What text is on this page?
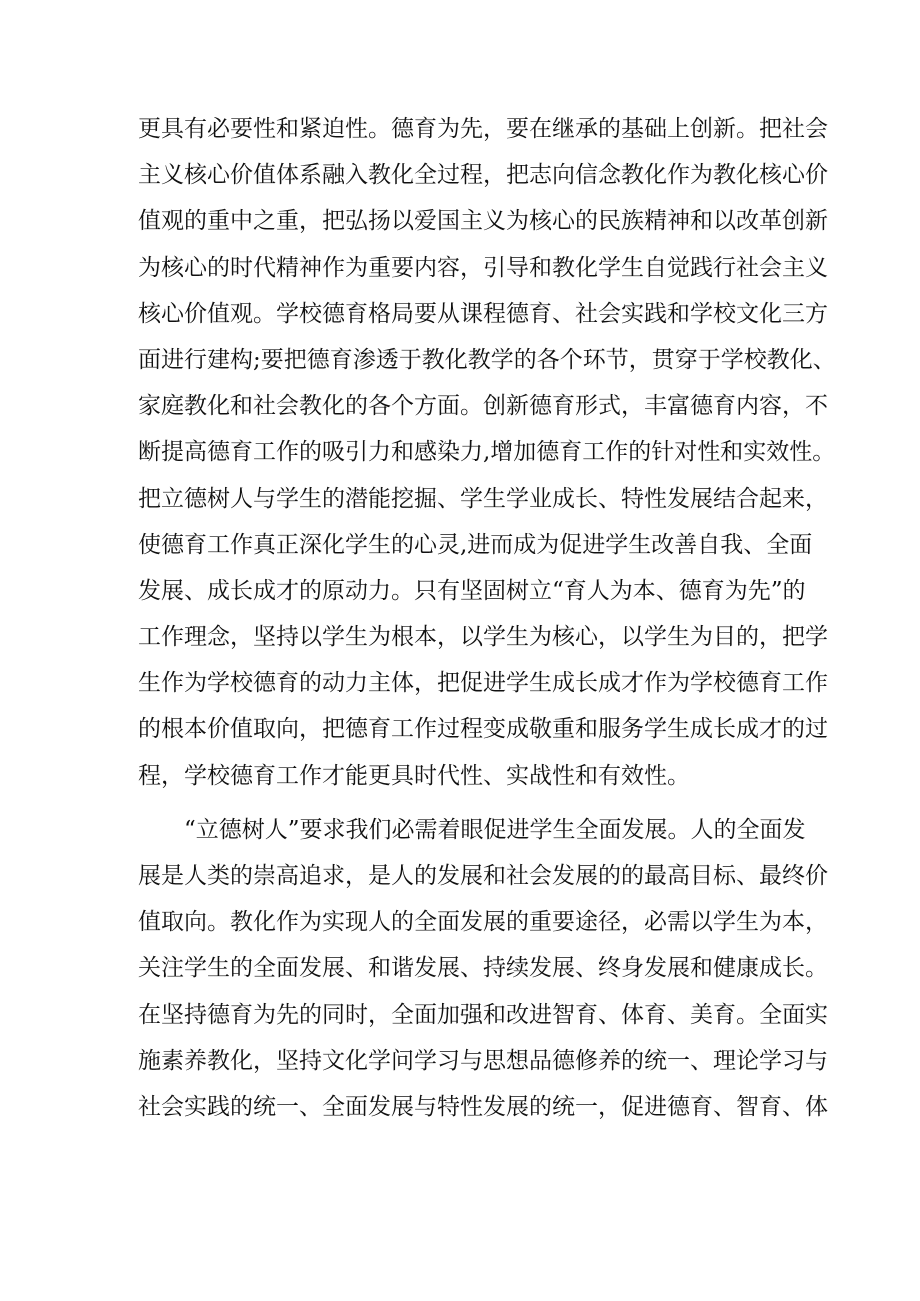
更具有必要性和紧迫性。德育为先，要在继承的基础上创新。把社会
主义核心价值体系融入教化全过程，把志向信念教化作为教化核心价
值观的重中之重，把弘扬以爱国主义为核心的民族精神和以改革创新
为核心的时代精神作为重要内容，引导和教化学生自觉践行社会主义
核心价值观。学校德育格局要从课程德育、社会实践和学校文化三方
面进行建构;要把德育渗透于教化教学的各个环节，贯穿于学校教化、
家庭教化和社会教化的各个方面。创新德育形式，丰富德育内容，不
断提高德育工作的吸引力和感染力,增加德育工作的针对性和实效性。
把立德树人与学生的潜能挖掘、学生学业成长、特性发展结合起来，
使德育工作真正深化学生的心灵,进而成为促进学生改善自我、全面
发展、成长成才的原动力。只有坚固树立“育人为本、德育为先”的
工作理念，坚持以学生为根本，以学生为核心，以学生为目的，把学
生作为学校德育的动力主体，把促进学生成长成才作为学校德育工作
的根本价值取向，把德育工作过程变成敬重和服务学生成长成才的过
程，学校德育工作才能更具时代性、实战性和有效性。
“立德树人”要求我们必需着眼促进学生全面发展。人的全面发
展是人类的崇高追求，是人的发展和社会发展的的最高目标、最终价
值取向。教化作为实现人的全面发展的重要途径，必需以学生为本，
关注学生的全面发展、和谐发展、持续发展、终身发展和健康成长。
在坚持德育为先的同时，全面加强和改进智育、体育、美育。全面实
施素养教化，坚持文化学问学习与思想品德修养的统一、理论学习与
社会实践的统一、全面发展与特性发展的统一，促进德育、智育、体
